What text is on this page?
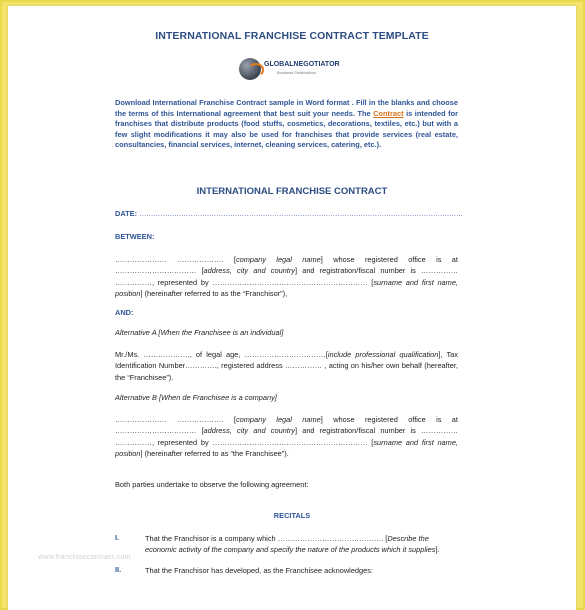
INTERNATIONAL FRANCHISE CONTRACT TEMPLATE
GLOBALNEGOTIATOR
Business Publications
Download International Franchise Contract sample in Word format . Fill in the blanks and choose the terms of this International agreement that best suit your needs. The Contract is intended for franchises that distribute products (food stuffs, cosmetics, decorations, textiles, etc.) but with a few slight modifications it may also be used for franchises that provide services (real estate, consultancies, financial services, internet, cleaning services, catering, etc.).
INTERNATIONAL FRANCHISE CONTRACT
DATE: ………………………………………………………………………………………………………………………….
BETWEEN:
………………… ………………. [company legal name] whose registered office is at …………………………… [address, city and country] and registration/fiscal number is …………… ……………, represented by ……………………………………………………… [surname and first name, position] (hereinafter referred to as the “Franchisor”),
AND:
Alternative A [When the Franchisee is an individual]
Mr./Ms. ………………., of legal age, ……………………………[include professional qualification], Tax Identification Number…………., registered address …………… , acting on his/her own behalf (hereafter, the “Franchisee”).
Alternative B [When de Franchisee is a company]
………………… ………………. [company legal name] whose registered office is at …………………………… [address, city and country] and registration/fiscal number is …………… ……………, represented by ……………………………………………………… [surname and first name, position] (hereinafter referred to as “the Franchisee”).
Both parties undertake to observe the following agreement:
RECITALS
I.	That the Franchisor is a company which ……………………………………. [Describe the economic activity of the company and specify the nature of the products which it supplies].
II.	That the Franchisor has developed, as the Franchisee acknowledges:
www.franchisecontract.com
